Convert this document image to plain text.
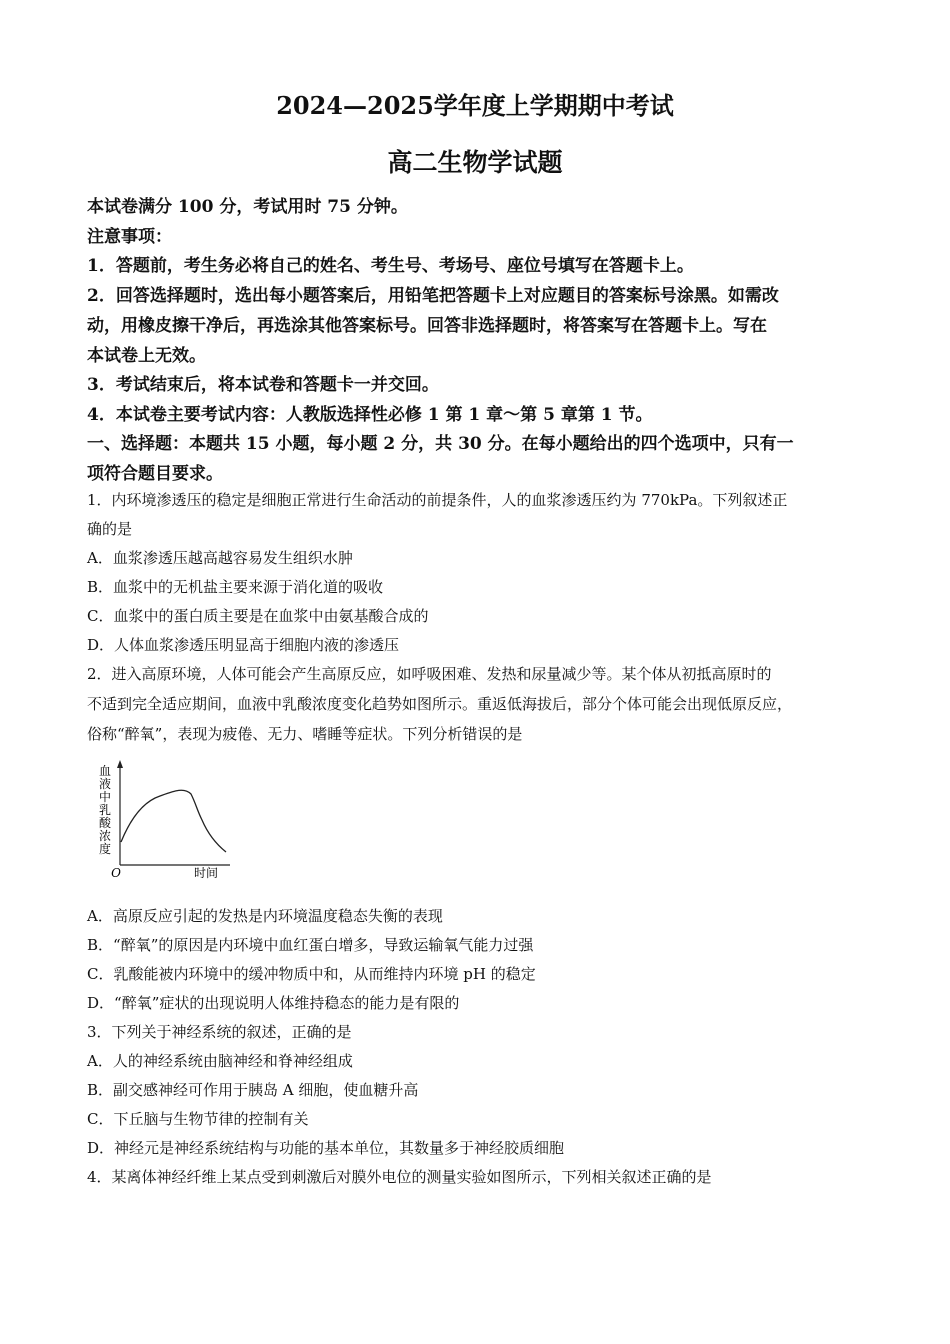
2024—2025学年度上学期期中考试
高二生物学试题
本试卷满分 100 分，考试用时 75 分钟。
注意事项：
1．答题前，考生务必将自己的姓名、考生号、考场号、座位号填写在答题卡上。
2．回答选择题时，选出每小题答案后，用铅笔把答题卡上对应题目的答案标号涂黑。如需改
动，用橡皮擦干净后，再选涂其他答案标号。回答非选择题时，将答案写在答题卡上。写在
本试卷上无效。
3．考试结束后，将本试卷和答题卡一并交回。
4．本试卷主要考试内容：人教版选择性必修 1 第 1 章～第 5 章第 1 节。
一、选择题：本题共 15 小题，每小题 2 分，共 30 分。在每小题给出的四个选项中，只有一
项符合题目要求。
1．内环境渗透压的稳定是细胞正常进行生命活动的前提条件，人的血浆渗透压约为 770kPa。下列叙述正
确的是
A．血浆渗透压越高越容易发生组织水肿
B．血浆中的无机盐主要来源于消化道的吸收
C．血浆中的蛋白质主要是在血浆中由氨基酸合成的
D．人体血浆渗透压明显高于细胞内液的渗透压
2．进入高原环境，人体可能会产生高原反应，如呼吸困难、发热和尿量减少等。某个体从初抵高原时的
不适到完全适应期间，血液中乳酸浓度变化趋势如图所示。重返低海拔后，部分个体可能会出现低原反应，
俗称“醉氧”，表现为疲倦、无力、嗜睡等症状。下列分析错误的是
血
液
中
乳
酸
浓
度
O	时间
A．高原反应引起的发热是内环境温度稳态失衡的表现
B．“醉氧”的原因是内环境中血红蛋白增多，导致运输氧气能力过强
C．乳酸能被内环境中的缓冲物质中和，从而维持内环境 pH 的稳定
D．“醉氧”症状的出现说明人体维持稳态的能力是有限的
3．下列关于神经系统的叙述，正确的是
A．人的神经系统由脑神经和脊神经组成
B．副交感神经可作用于胰岛 A 细胞，使血糖升高
C．下丘脑与生物节律的控制有关
D．神经元是神经系统结构与功能的基本单位，其数量多于神经胶质细胞
4．某离体神经纤维上某点受到刺激后对膜外电位的测量实验如图所示，下列相关叙述正确的是
